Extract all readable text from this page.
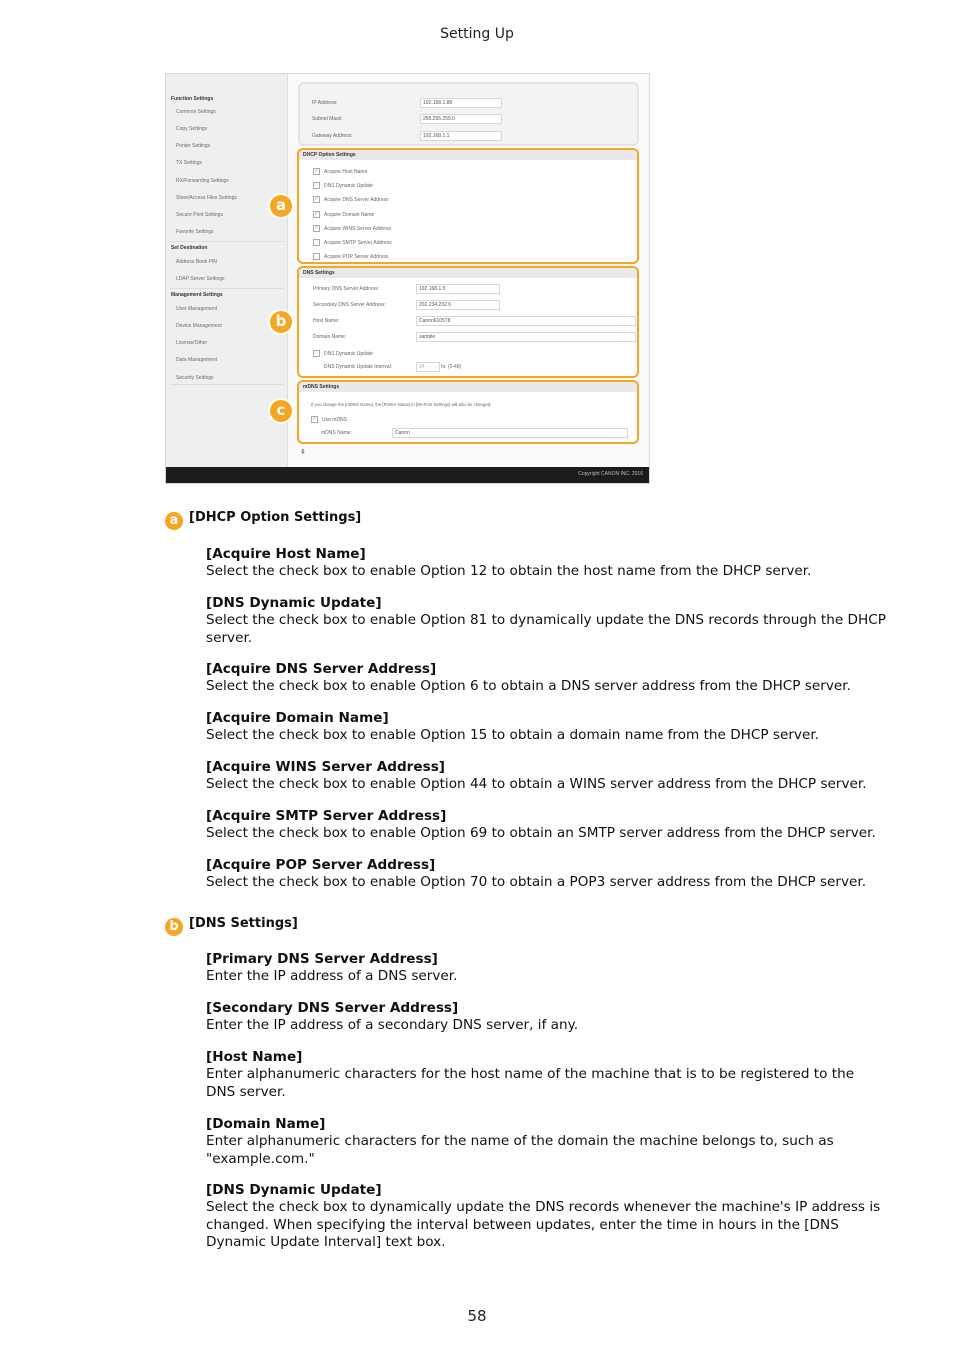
Setting Up
Function Settings
Common Settings
Copy Settings
Printer Settings
TX Settings
RX/Forwarding Settings
Store/Access Files Settings
Secure Print Settings
Favorite Settings
Set Destination
Address Book PIN
LDAP Server Settings
Management Settings
User Management
Device Management
License/Other
Data Management
Security Settings
IP Address:	192.168.1.88
Subnet Mask:	255.255.255.0
Gateway Address:	192.168.1.1
DHCP Option Settings
✓ Acquire Host Name
DNS Dynamic Update
✓ Acquire DNS Server Address
✓ Acquire Domain Name
✓ Acquire WINS Server Address
Acquire SMTP Server Address
Acquire POP Server Address
DNS Settings
Primary DNS Server Address:	192.168.1.5
Secondary DNS Server Address:	202.234.232.6
Host Name:	Canon610578
Domain Name:	sample
DNS Dynamic Update
DNS Dynamic Update Interval:	24	hr. (0-48)
mDNS Settings
If you change the [mDNS Name], the [Printer Name] in [Wi-Print Settings] will also be changed.
✓ Use mDNS
mDNS Name:	Canon
⇞
Copyright CANON INC. 2016
a
b
c
a [DHCP Option Settings]
[Acquire Host Name]
Select the check box to enable Option 12 to obtain the host name from the DHCP server.
[DNS Dynamic Update]
Select the check box to enable Option 81 to dynamically update the DNS records through the DHCP server.
[Acquire DNS Server Address]
Select the check box to enable Option 6 to obtain a DNS server address from the DHCP server.
[Acquire Domain Name]
Select the check box to enable Option 15 to obtain a domain name from the DHCP server.
[Acquire WINS Server Address]
Select the check box to enable Option 44 to obtain a WINS server address from the DHCP server.
[Acquire SMTP Server Address]
Select the check box to enable Option 69 to obtain an SMTP server address from the DHCP server.
[Acquire POP Server Address]
Select the check box to enable Option 70 to obtain a POP3 server address from the DHCP server.
b [DNS Settings]
[Primary DNS Server Address]
Enter the IP address of a DNS server.
[Secondary DNS Server Address]
Enter the IP address of a secondary DNS server, if any.
[Host Name]
Enter alphanumeric characters for the host name of the machine that is to be registered to the DNS server.
[Domain Name]
Enter alphanumeric characters for the name of the domain the machine belongs to, such as "example.com."
[DNS Dynamic Update]
Select the check box to dynamically update the DNS records whenever the machine's IP address is changed. When specifying the interval between updates, enter the time in hours in the [DNS Dynamic Update Interval] text box.
58
